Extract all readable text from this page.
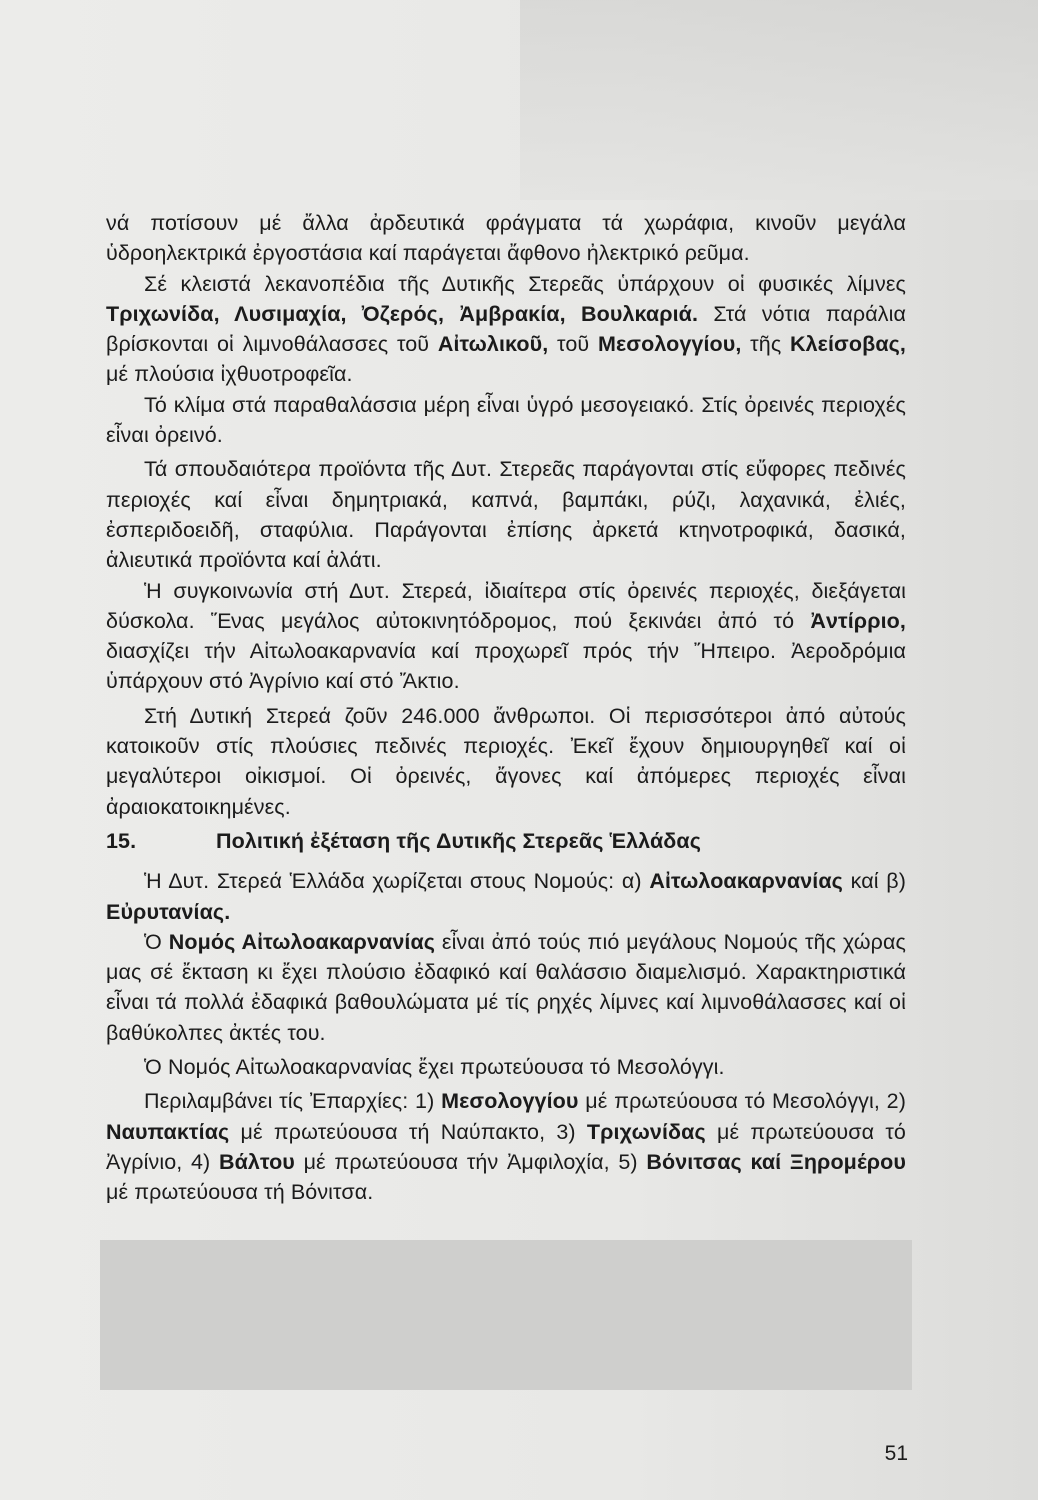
νά ποτίσουν μέ ἄλλα ἀρδευτικά φράγματα τά χωράφια, κινοῦν μεγάλα ὑδροηλεκτρικά ἐργοστάσια καί παράγεται ἄφθονο ἠλεκτρικό ρεῦμα.

Σέ κλειστά λεκανοπέδια τῆς Δυτικῆς Στερεᾶς ὑπάρχουν οἱ φυσικές λίμνες Τριχωνίδα, Λυσιμαχία, Ὀζερός, Ἀμβρακία, Βουλκαριά. Στά νότια παράλια βρίσκονται οἱ λιμνοθάλασσες τοῦ Αἰτωλικοῦ, τοῦ Μεσολογγίου, τῆς Κλείσοβας, μέ πλούσια ἰχθυοτροφεῖα.

Τό κλίμα στά παραθαλάσσια μέρη εἶναι ὑγρό μεσογειακό. Στίς ὀρεινές περιοχές εἶναι ὀρεινό.

Τά σπουδαιότερα προϊόντα τῆς Δυτ. Στερεᾶς παράγονται στίς εὔφορες πεδινές περιοχές καί εἶναι δημητριακά, καπνά, βαμπάκι, ρύζι, λαχανικά, ἐλιές, ἐσπεριδοειδῆ, σταφύλια. Παράγονται ἐπίσης ἀρκετά κτηνοτροφικά, δασικά, ἁλιευτικά προϊόντα καί ἁλάτι.

Ἡ συγκοινωνία στή Δυτ. Στερεά, ἰδιαίτερα στίς ὀρεινές περιοχές, διεξάγεται δύσκολα. Ἕνας μεγάλος αὐτοκινητόδρομος, πού ξεκινάει ἀπό τό Ἀντίρριο, διασχίζει τήν Αἰτωλοακαρνανία καί προχωρεῖ πρός τήν Ἤπειρο. Ἀεροδρόμια ὑπάρχουν στό Ἀγρίνιο καί στό Ἄκτιο.

Στή Δυτική Στερεά ζοῦν 246.000 ἄνθρωποι. Οἱ περισσότεροι ἀπό αὐτούς κατοικοῦν στίς πλούσιες πεδινές περιοχές. Ἐκεῖ ἔχουν δημιουργηθεῖ καί οἱ μεγαλύτεροι οἰκισμοί. Οἱ ὀρεινές, ἄγονες καί ἀπόμερες περιοχές εἶναι ἀραιοκατοικημένες.

15.	Πολιτική ἐξέταση τῆς Δυτικῆς Στερεᾶς Ἑλλάδας

Ἡ Δυτ. Στερεά Ἑλλάδα χωρίζεται στους Νομούς: α) Αἰτωλοακαρνανίας καί β) Εὐρυτανίας.

Ὁ Νομός Αἰτωλοακαρνανίας εἶναι ἀπό τούς πιό μεγάλους Νομούς τῆς χώρας μας σέ ἔκταση κι ἔχει πλούσιο ἐδαφικό καί θαλάσσιο διαμελισμό. Χαρακτηριστικά εἶναι τά πολλά ἐδαφικά βαθουλώματα μέ τίς ρηχές λίμνες καί λιμνοθάλασσες καί οἱ βαθύκολπες ἀκτές του.

Ὁ Νομός Αἰτωλοακαρνανίας ἔχει πρωτεύουσα τό Μεσολόγγι.

Περιλαμβάνει τίς Ἐπαρχίες: 1) Μεσολογγίου μέ πρωτεύουσα τό Μεσολόγγι, 2) Ναυπακτίας μέ πρωτεύουσα τή Ναύπακτο, 3) Τριχωνίδας μέ πρωτεύουσα τό Ἀγρίνιο, 4) Βάλτου μέ πρωτεύουσα τήν Ἀμφιλοχία, 5) Βόνιτσας καί Ξηρομέρου μέ πρωτεύουσα τή Βόνιτσα.

51
